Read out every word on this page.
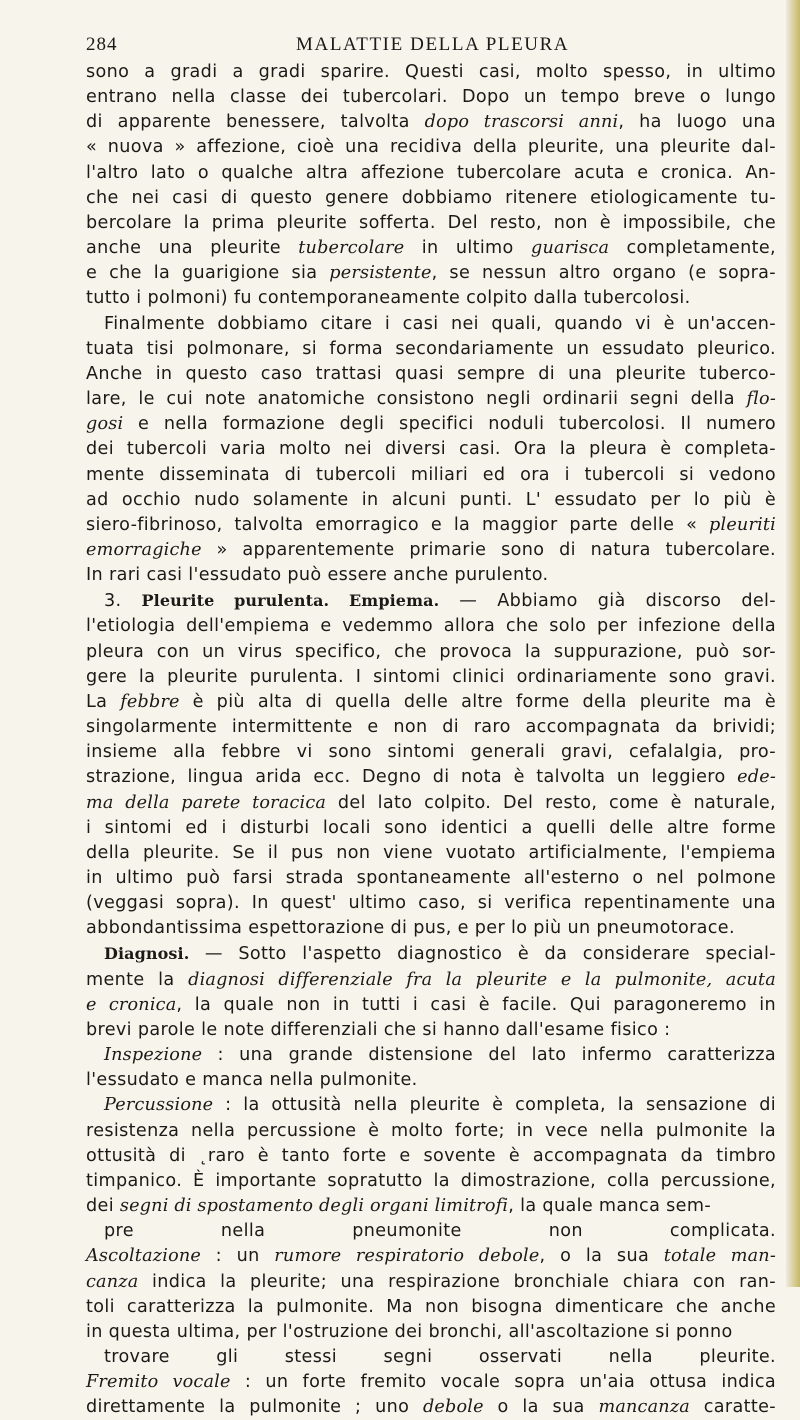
284	MALATTIE DELLA PLEURA

sono a gradi a gradi sparire. Questi casi, molto spesso, in ultimo

entrano nella classe dei tubercolari. Dopo un tempo breve o lungo

di apparente benessere, talvolta dopo trascorsi anni, ha luogo una

« nuova » affezione, cioè una recidiva della pleurite, una pleurite dal-

l'altro lato o qualche altra affezione tubercolare acuta e cronica. An-

che nei casi di questo genere dobbiamo ritenere etiologicamente tu-

bercolare la prima pleurite sofferta. Del resto, non è impossibile, che

anche una pleurite tubercolare in ultimo guarisca completamente,

e che la guarigione sia persistente, se nessun altro organo (e sopra-

tutto i polmoni) fu contemporaneamente colpito dalla tubercolosi.

Finalmente dobbiamo citare i casi nei quali, quando vi è un'accen-

tuata tisi polmonare, si forma secondariamente un essudato pleurico.

Anche in questo caso trattasi quasi sempre di una pleurite tuberco-

lare, le cui note anatomiche consistono negli ordinarii segni della flo-

gosi e nella formazione degli specifici noduli tubercolosi. Il numero

dei tubercoli varia molto nei diversi casi. Ora la pleura è completa-

mente disseminata di tubercoli miliari ed ora i tubercoli si vedono

ad occhio nudo solamente in alcuni punti. L' essudato per lo più è

siero-fibrinoso, talvolta emorragico e la maggior parte delle « pleuriti

emorragiche » apparentemente primarie sono di natura tubercolare.

In rari casi l'essudato può essere anche purulento.

3. Pleurite purulenta. Empiema. — Abbiamo già discorso del-

l'etiologia dell'empiema e vedemmo allora che solo per infezione della

pleura con un virus specifico, che provoca la suppurazione, può sor-

gere la pleurite purulenta. I sintomi clinici ordinariamente sono gravi.

La febbre è più alta di quella delle altre forme della pleurite ma è

singolarmente intermittente e non di raro accompagnata da brividi;

insieme alla febbre vi sono sintomi generali gravi, cefalalgia, pro-

strazione, lingua arida ecc. Degno di nota è talvolta un leggiero ede-

ma della parete toracica del lato colpito. Del resto, come è naturale,

i sintomi ed i disturbi locali sono identici a quelli delle altre forme

della pleurite. Se il pus non viene vuotato artificialmente, l'empiema

in ultimo può farsi strada spontaneamente all'esterno o nel polmone

(veggasi sopra). In quest' ultimo caso, si verifica repentinamente una

abbondantissima espettorazione di pus, e per lo più un pneumotorace.

Diagnosi. — Sotto l'aspetto diagnostico è da considerare special-

mente la diagnosi differenziale fra la pleurite e la pulmonite, acuta

e cronica, la quale non in tutti i casi è facile. Qui paragoneremo in

brevi parole le note differenziali che si hanno dall'esame fisico :

Inspezione : una grande distensione del lato infermo caratterizza

l'essudato e manca nella pulmonite.

Percussione : la ottusità nella pleurite è completa, la sensazione di

resistenza nella percussione è molto forte; in vece nella pulmonite la

ottusità di ˛raro è tanto forte e sovente è accompagnata da timbro

timpanico. È importante sopratutto la dimostrazione, colla percussione,

dei segni di spostamento degli organi limitrofi, la quale manca sem-

pre nella pneumonite non complicata.

Ascoltazione : un rumore respiratorio debole, o la sua totale man-

canza indica la pleurite; una respirazione bronchiale chiara con ran-

toli caratterizza la pulmonite. Ma non bisogna dimenticare che anche

in questa ultima, per l'ostruzione dei bronchi, all'ascoltazione si ponno

trovare gli stessi segni osservati nella pleurite.

Fremito vocale : un forte fremito vocale sopra un'aia ottusa indica

direttamente la pulmonite ; uno debole o la sua mancanza caratte-
